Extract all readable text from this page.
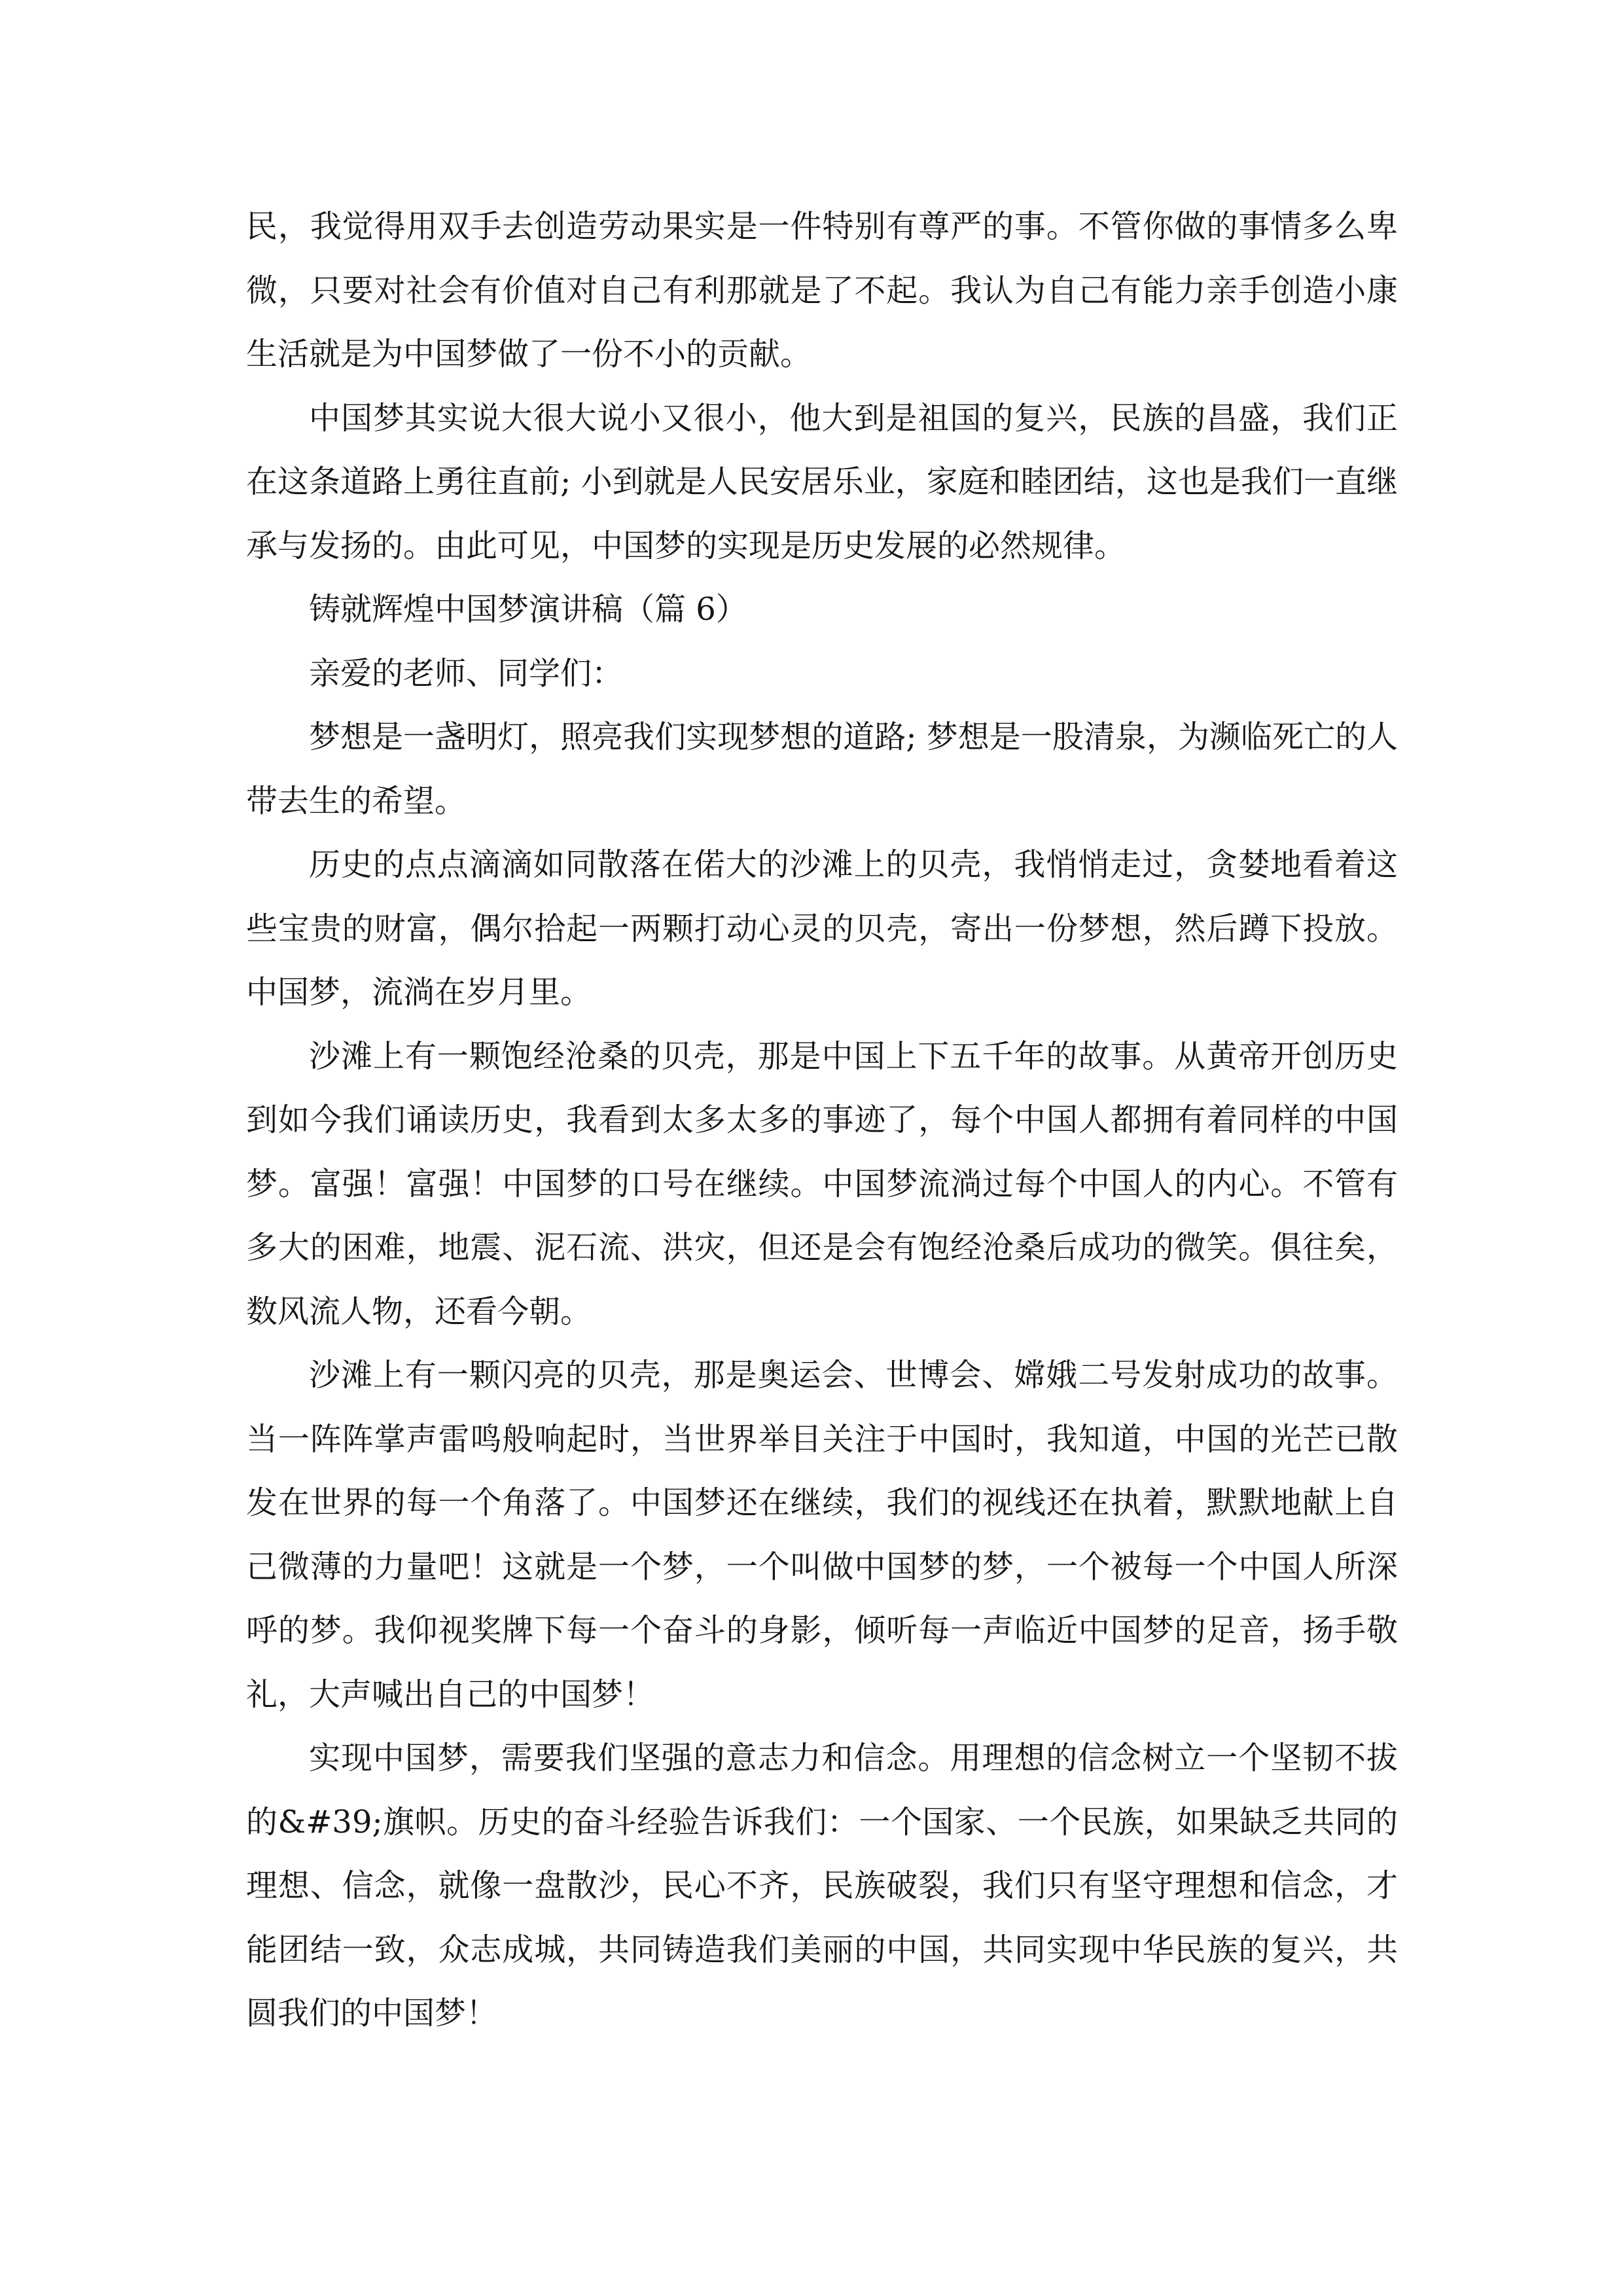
民，我觉得用双手去创造劳动果实是一件特别有尊严的事。不管你做的事情多么卑微，只要对社会有价值对自己有利那就是了不起。我认为自己有能力亲手创造小康生活就是为中国梦做了一份不小的贡献。

中国梦其实说大很大说小又很小，他大到是祖国的复兴，民族的昌盛，我们正在这条道路上勇往直前; 小到就是人民安居乐业，家庭和睦团结，这也是我们一直继承与发扬的。由此可见，中国梦的实现是历史发展的必然规律。

铸就辉煌中国梦演讲稿（篇 6）

亲爱的老师、同学们：

梦想是一盏明灯，照亮我们实现梦想的道路; 梦想是一股清泉，为濒临死亡的人带去生的希望。

历史的点点滴滴如同散落在偌大的沙滩上的贝壳，我悄悄走过，贪婪地看着这些宝贵的财富，偶尔拾起一两颗打动心灵的贝壳，寄出一份梦想，然后蹲下投放。中国梦，流淌在岁月里。

沙滩上有一颗饱经沧桑的贝壳，那是中国上下五千年的故事。从黄帝开创历史到如今我们诵读历史，我看到太多太多的事迹了，每个中国人都拥有着同样的中国梦。富强！富强！中国梦的口号在继续。中国梦流淌过每个中国人的内心。不管有多大的困难，地震、泥石流、洪灾，但还是会有饱经沧桑后成功的微笑。俱往矣，数风流人物，还看今朝。

沙滩上有一颗闪亮的贝壳，那是奥运会、世博会、嫦娥二号发射成功的故事。当一阵阵掌声雷鸣般响起时，当世界举目关注于中国时，我知道，中国的光芒已散发在世界的每一个角落了。中国梦还在继续，我们的视线还在执着，默默地献上自己微薄的力量吧！这就是一个梦，一个叫做中国梦的梦，一个被每一个中国人所深呼的梦。我仰视奖牌下每一个奋斗的身影，倾听每一声临近中国梦的足音，扬手敬礼，大声喊出自己的中国梦！

实现中国梦，需要我们坚强的意志力和信念。用理想的信念树立一个坚韧不拔的&#39;旗帜。历史的奋斗经验告诉我们：一个国家、一个民族，如果缺乏共同的理想、信念，就像一盘散沙，民心不齐，民族破裂，我们只有坚守理想和信念，才能团结一致，众志成城，共同铸造我们美丽的中国，共同实现中华民族的复兴，共圆我们的中国梦！
